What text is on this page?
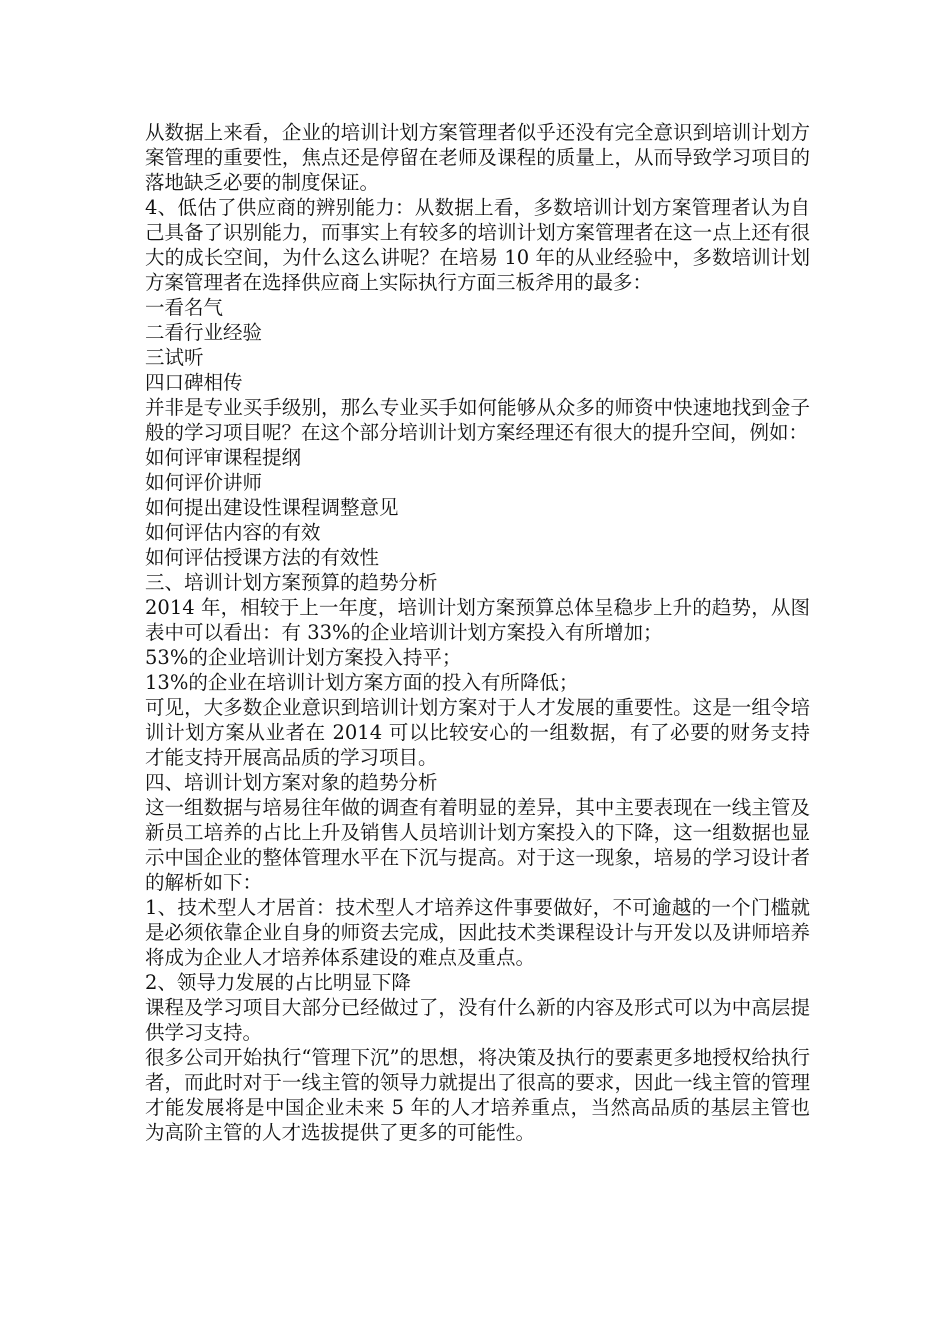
从数据上来看，企业的培训计划方案管理者似乎还没有完全意识到培训计划方案管理的重要性，焦点还是停留在老师及课程的质量上，从而导致学习项目的落地缺乏必要的制度保证。

4、低估了供应商的辨别能力：从数据上看，多数培训计划方案管理者认为自己具备了识别能力，而事实上有较多的培训计划方案管理者在这一点上还有很大的成长空间，为什么这么讲呢？在培易 10 年的从业经验中，多数培训计划方案管理者在选择供应商上实际执行方面三板斧用的最多：

一看名气

二看行业经验

三试听

四口碑相传

并非是专业买手级别，那么专业买手如何能够从众多的师资中快速地找到金子般的学习项目呢？在这个部分培训计划方案经理还有很大的提升空间，例如：

如何评审课程提纲

如何评价讲师

如何提出建设性课程调整意见

如何评估内容的有效

如何评估授课方法的有效性

三、培训计划方案预算的趋势分析

2014 年，相较于上一年度，培训计划方案预算总体呈稳步上升的趋势，从图表中可以看出：有 33%的企业培训计划方案投入有所增加；

53%的企业培训计划方案投入持平；

13%的企业在培训计划方案方面的投入有所降低；

可见，大多数企业意识到培训计划方案对于人才发展的重要性。这是一组令培训计划方案从业者在 2014 可以比较安心的一组数据，有了必要的财务支持才能支持开展高品质的学习项目。

四、培训计划方案对象的趋势分析

这一组数据与培易往年做的调查有着明显的差异，其中主要表现在一线主管及新员工培养的占比上升及销售人员培训计划方案投入的下降，这一组数据也显示中国企业的整体管理水平在下沉与提高。对于这一现象，培易的学习设计者的解析如下：

1、技术型人才居首：技术型人才培养这件事要做好，不可逾越的一个门槛就是必须依靠企业自身的师资去完成，因此技术类课程设计与开发以及讲师培养将成为企业人才培养体系建设的难点及重点。

2、领导力发展的占比明显下降

课程及学习项目大部分已经做过了，没有什么新的内容及形式可以为中高层提供学习支持。

很多公司开始执行“管理下沉”的思想，将决策及执行的要素更多地授权给执行者，而此时对于一线主管的领导力就提出了很高的要求，因此一线主管的管理才能发展将是中国企业未来 5 年的人才培养重点，当然高品质的基层主管也为高阶主管的人才选拔提供了更多的可能性。
